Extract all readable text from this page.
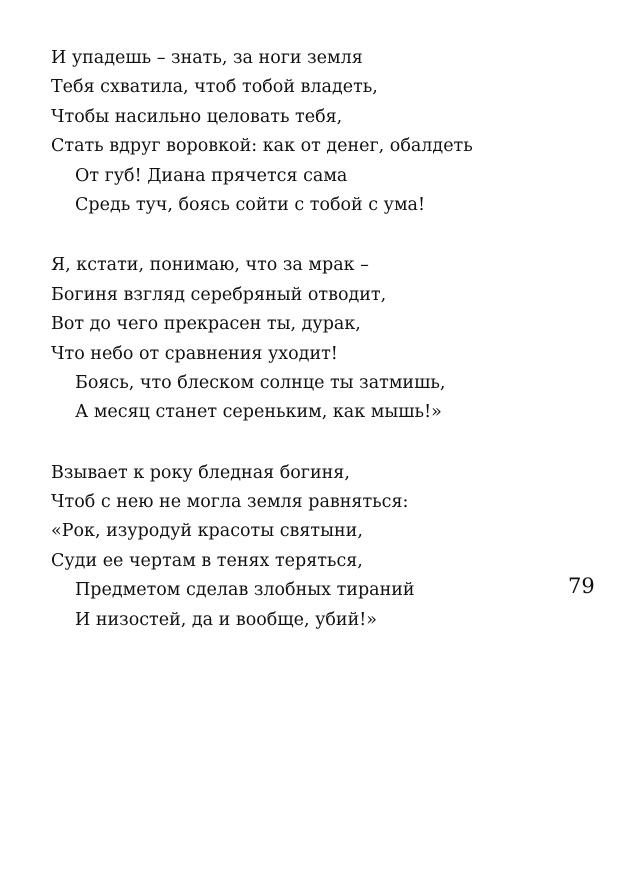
И упадешь – знать, за ноги земля
Тебя схватила, чтоб тобой владеть,
Чтобы насильно целовать тебя,
Стать вдруг воровкой: как от денег, обалдеть
От губ! Диана прячется сама
Средь туч, боясь сойти с тобой с ума!
Я, кстати, понимаю, что за мрак –
Богиня взгляд серебряный отводит,
Вот до чего прекрасен ты, дурак,
Что небо от сравнения уходит!
Боясь, что блеском солнце ты затмишь,
А месяц станет сереньким, как мышь!»
Взывает к року бледная богиня,
Чтоб с нею не могла земля равняться:
«Рок, изуродуй красоты святыни,
Суди ее чертам в тенях теряться,
Предметом сделав злобных тираний
И низостей, да и вообще, убий!»
79
